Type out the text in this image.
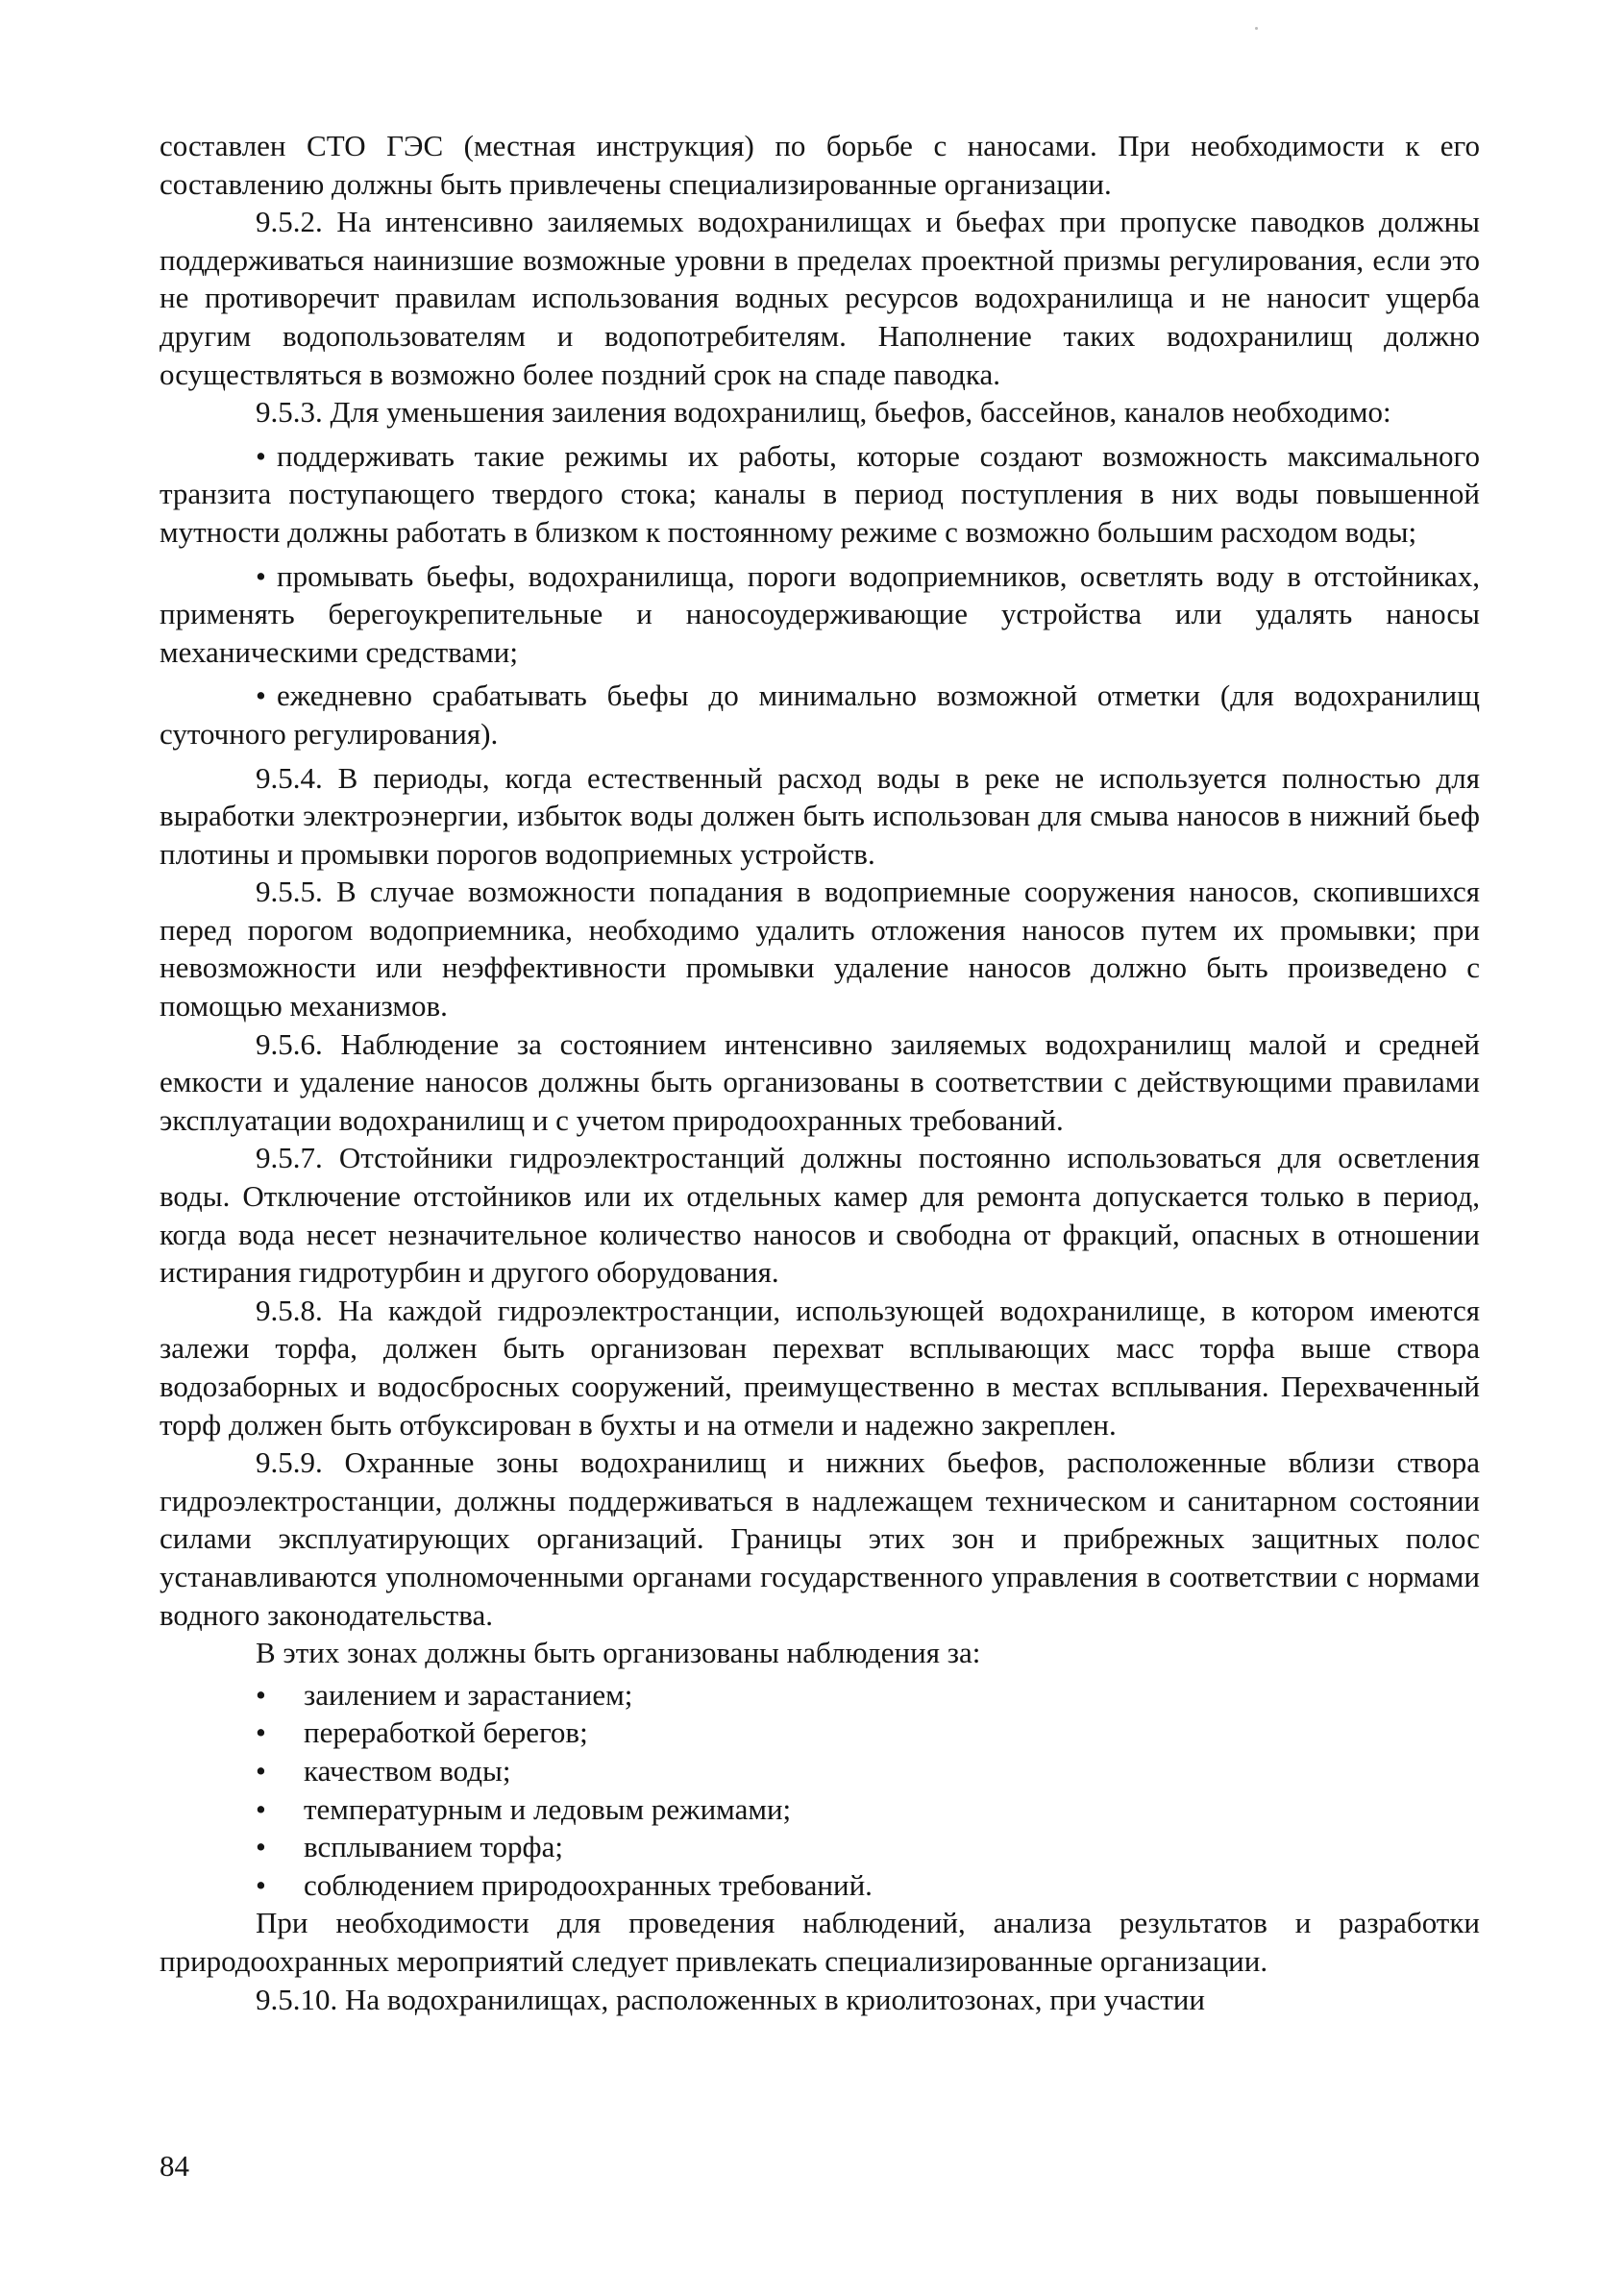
составлен СТО ГЭС (местная инструкция) по борьбе с наносами. При необходимости к его составлению должны быть привлечены специализированные организации.

9.5.2. На интенсивно заиляемых водохранилищах и бьефах при пропуске паводков должны поддерживаться наинизшие возможные уровни в пределах проектной призмы регулирования, если это не противоречит правилам использования водных ресурсов водохранилища и не наносит ущерба другим водопользователям и водопотребителям. Наполнение таких водохранилищ должно осуществляться в возможно более поздний срок на спаде паводка.

9.5.3. Для уменьшения заиления водохранилищ, бьефов, бассейнов, каналов необходимо:

• поддерживать такие режимы их работы, которые создают возможность максимального транзита поступающего твердого стока; каналы в период поступления в них воды повышенной мутности должны работать в близком к постоянному режиме с возможно большим расходом воды;

• промывать бьефы, водохранилища, пороги водоприемников, осветлять воду в отстойниках, применять берегоукрепительные и наносоудерживающие устройства или удалять наносы механическими средствами;

• ежедневно срабатывать бьефы до минимально возможной отметки (для водохранилищ суточного регулирования).

9.5.4. В периоды, когда естественный расход воды в реке не используется полностью для выработки электроэнергии, избыток воды должен быть использован для смыва наносов в нижний бьеф плотины и промывки порогов водоприемных устройств.

9.5.5. В случае возможности попадания в водоприемные сооружения наносов, скопившихся перед порогом водоприемника, необходимо удалить отложения наносов путем их промывки; при невозможности или неэффективности промывки удаление наносов должно быть произведено с помощью механизмов.

9.5.6. Наблюдение за состоянием интенсивно заиляемых водохранилищ малой и средней емкости и удаление наносов должны быть организованы в соответствии с действующими правилами эксплуатации водохранилищ и с учетом природоохранных требований.

9.5.7. Отстойники гидроэлектростанций должны постоянно использоваться для осветления воды. Отключение отстойников или их отдельных камер для ремонта допускается только в период, когда вода несет незначительное количество наносов и свободна от фракций, опасных в отношении истирания гидротурбин и другого оборудования.

9.5.8. На каждой гидроэлектростанции, использующей водохранилище, в котором имеются залежи торфа, должен быть организован перехват всплывающих масс торфа выше створа водозаборных и водосбросных сооружений, преимущественно в местах всплывания. Перехваченный торф должен быть отбуксирован в бухты и на отмели и надежно закреплен.

9.5.9. Охранные зоны водохранилищ и нижних бьефов, расположенные вблизи створа гидроэлектростанции, должны поддерживаться в надлежащем техническом и санитарном состоянии силами эксплуатирующих организаций. Границы этих зон и прибрежных защитных полос устанавливаются уполномоченными органами государственного управления в соответствии с нормами водного законодательства.

В этих зонах должны быть организованы наблюдения за:

• заилением и зарастанием;
• переработкой берегов;
• качеством воды;
• температурным и ледовым режимами;
• всплыванием торфа;
• соблюдением природоохранных требований.

При необходимости для проведения наблюдений, анализа результатов и разработки природоохранных мероприятий следует привлекать специализированные организации.

9.5.10. На водохранилищах, расположенных в криолитозонах, при участии

84
